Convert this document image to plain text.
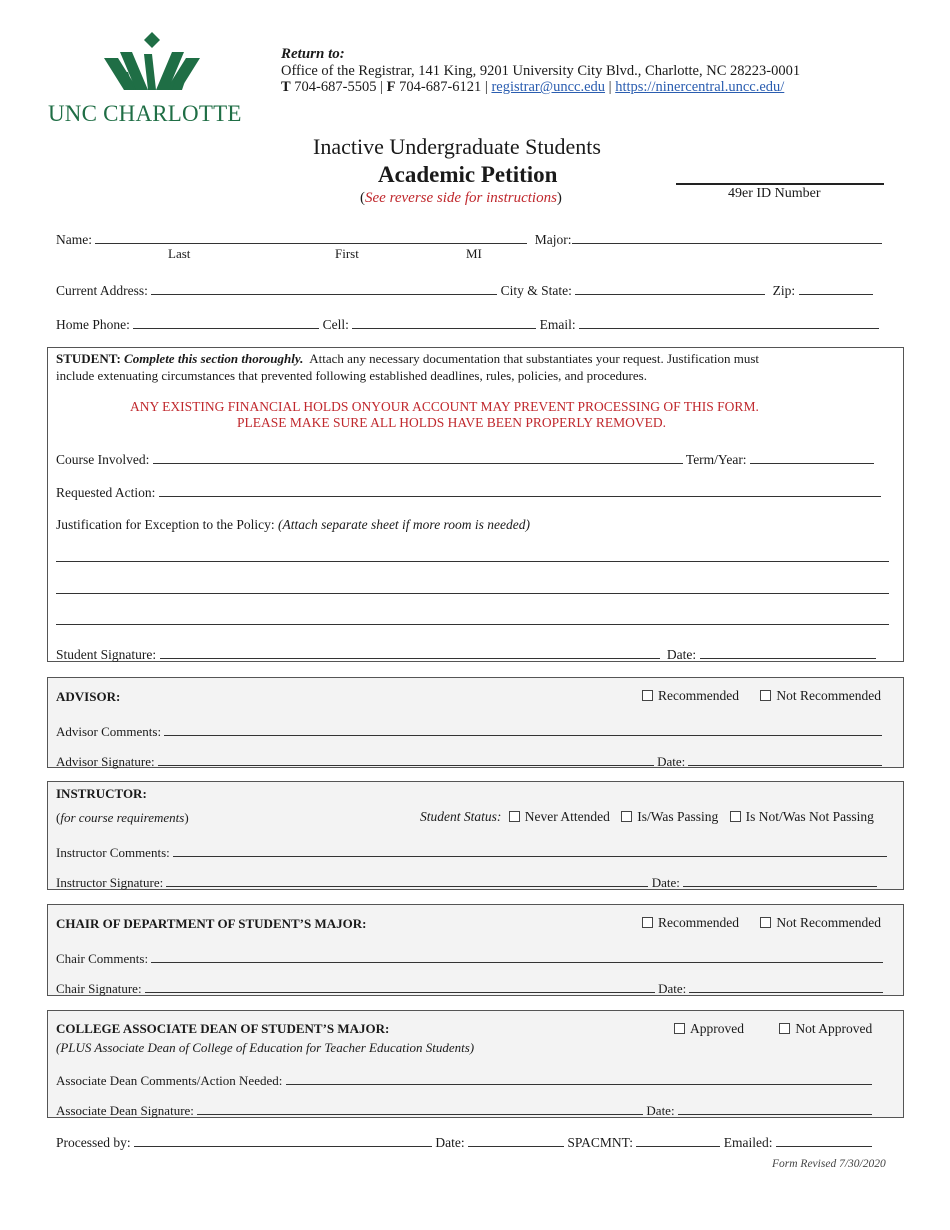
UNC CHARLOTTE
Return to:
Office of the Registrar, 141 King, 9201 University City Blvd., Charlotte, NC 28223-0001
T 704-687-5505 | F 704-687-6121 | registrar@uncc.edu | https://ninercentral.uncc.edu/
Inactive Undergraduate Students
Academic Petition
(See reverse side for instructions)	49er ID Number
Name:	Major:
Last	First	MI
Current Address:	City & State:	Zip:
Home Phone:	Cell:	Email:
STUDENT: Complete this section thoroughly. Attach any necessary documentation that substantiates your request. Justification must
include extenuating circumstances that prevented following established deadlines, rules, policies, and procedures.
ANY EXISTING FINANCIAL HOLDS ONYOUR ACCOUNT MAY PREVENT PROCESSING OF THIS FORM.
PLEASE MAKE SURE ALL HOLDS HAVE BEEN PROPERLY REMOVED.
Course Involved:	Term/Year:
Requested Action:
Justification for Exception to the Policy: (Attach separate sheet if more room is needed)
Student Signature:	Date:
ADVISOR:	Recommended	Not Recommended
Advisor Comments:
Advisor Signature:	Date:
INSTRUCTOR:
(for course requirements)	Student Status: Never Attended Is/Was Passing Is Not/Was Not Passing
Instructor Comments:
Instructor Signature:	Date:
CHAIR OF DEPARTMENT OF STUDENT’S MAJOR:	Recommended	Not Recommended
Chair Comments:
Chair Signature:	Date:
COLLEGE ASSOCIATE DEAN OF STUDENT’S MAJOR:
(PLUS Associate Dean of College of Education for Teacher Education Students)
Approved	Not Approved
Associate Dean Comments/Action Needed:
Associate Dean Signature:	Date:
Processed by:	Date:	SPACMNT:	Emailed:
Form Revised 7/30/2020
